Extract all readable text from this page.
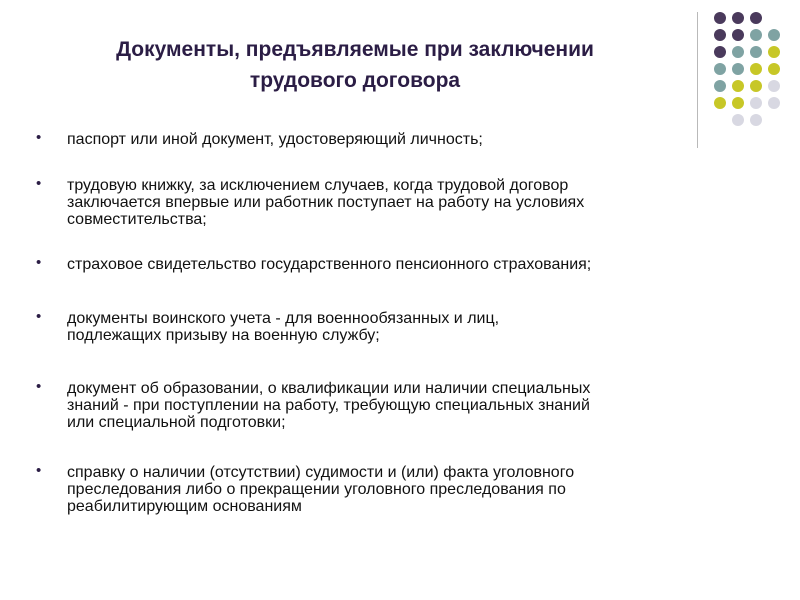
Документы, предъявляемые при заключении
трудового договора
• паспорт или иной документ, удостоверяющий личность;
• трудовую книжку, за исключением случаев, когда трудовой договор
заключается впервые или работник поступает на работу на условиях
совместительства;
• страховое свидетельство государственного пенсионного страхования;
• документы воинского учета - для военнообязанных и лиц,
подлежащих призыву на военную службу;
• документ об образовании, о квалификации или наличии специальных
знаний - при поступлении на работу, требующую специальных знаний
или специальной подготовки;
• справку о наличии (отсутствии) судимости и (или) факта уголовного
преследования либо о прекращении уголовного преследования по
реабилитирующим основаниям
